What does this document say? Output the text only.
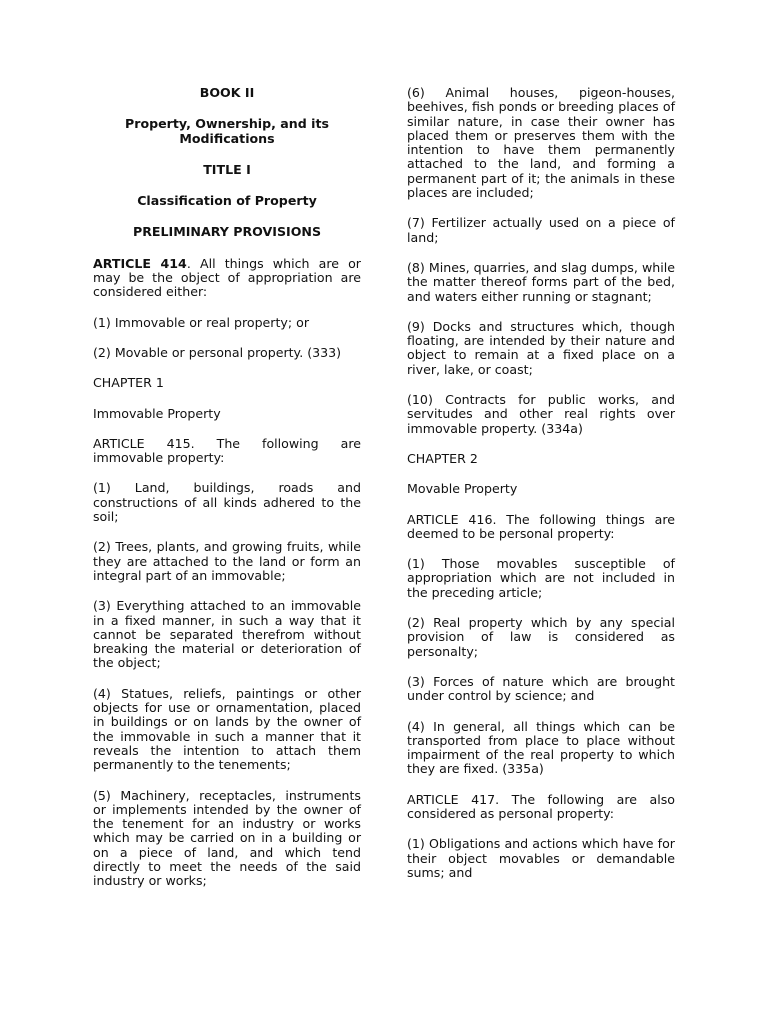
BOOK II
Property, Ownership, and its Modifications
TITLE I
Classification of Property
PRELIMINARY PROVISIONS
ARTICLE 414. All things which are or may be the object of appropriation are considered either:
(1) Immovable or real property; or
(2) Movable or personal property. (333)
CHAPTER 1
Immovable Property
ARTICLE 415. The following are immovable property:
(1) Land, buildings, roads and constructions of all kinds adhered to the soil;
(2) Trees, plants, and growing fruits, while they are attached to the land or form an integral part of an immovable;
(3) Everything attached to an immovable in a fixed manner, in such a way that it cannot be separated therefrom without breaking the material or deterioration of the object;
(4) Statues, reliefs, paintings or other objects for use or ornamentation, placed in buildings or on lands by the owner of the immovable in such a manner that it reveals the intention to attach them permanently to the tenements;
(5) Machinery, receptacles, instruments or implements intended by the owner of the tenement for an industry or works which may be carried on in a building or on a piece of land, and which tend directly to meet the needs of the said industry or works;
(6) Animal houses, pigeon-houses, beehives, fish ponds or breeding places of similar nature, in case their owner has placed them or preserves them with the intention to have them permanently attached to the land, and forming a permanent part of it; the animals in these places are included;
(7) Fertilizer actually used on a piece of land;
(8) Mines, quarries, and slag dumps, while the matter thereof forms part of the bed, and waters either running or stagnant;
(9) Docks and structures which, though floating, are intended by their nature and object to remain at a fixed place on a river, lake, or coast;
(10) Contracts for public works, and servitudes and other real rights over immovable property. (334a)
CHAPTER 2
Movable Property
ARTICLE 416. The following things are deemed to be personal property:
(1) Those movables susceptible of appropriation which are not included in the preceding article;
(2) Real property which by any special provision of law is considered as personalty;
(3) Forces of nature which are brought under control by science; and
(4) In general, all things which can be transported from place to place without impairment of the real property to which they are fixed. (335a)
ARTICLE 417. The following are also considered as personal property:
(1) Obligations and actions which have for their object movables or demandable sums; and
